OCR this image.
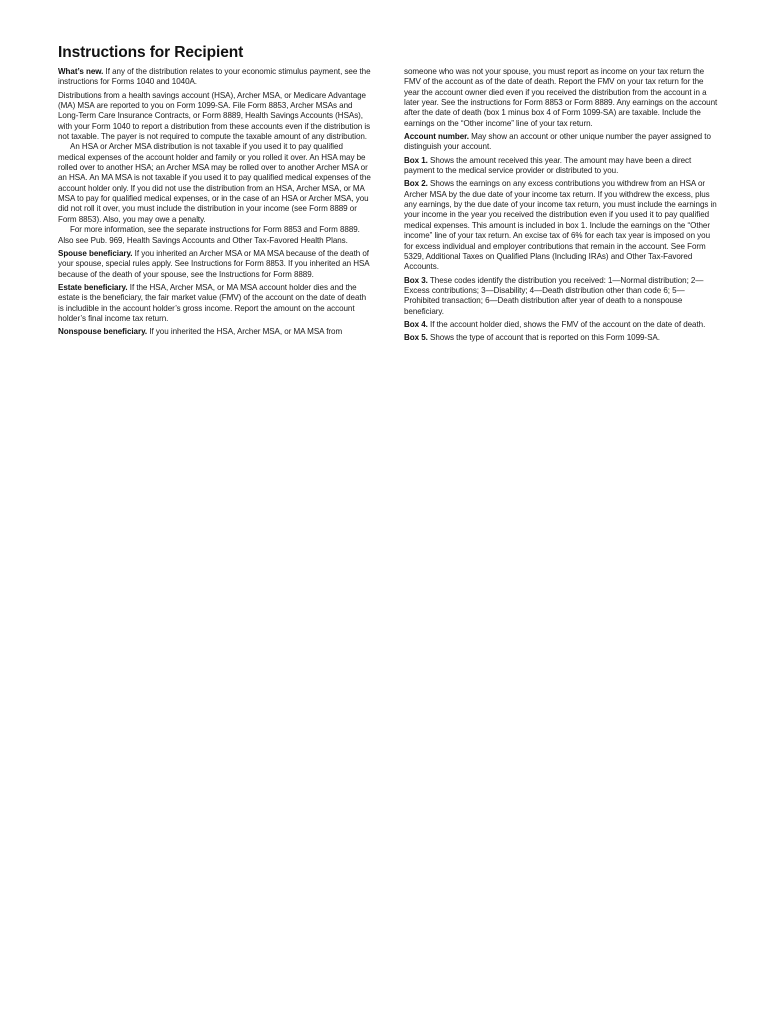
Instructions for Recipient

What’s new. If any of the distribution relates to your economic stimulus payment, see the instructions for Forms 1040 and 1040A.

Distributions from a health savings account (HSA), Archer MSA, or Medicare Advantage (MA) MSA are reported to you on Form 1099-SA. File Form 8853, Archer MSAs and Long-Term Care Insurance Contracts, or Form 8889, Health Savings Accounts (HSAs), with your Form 1040 to report a distribution from these accounts even if the distribution is not taxable. The payer is not required to compute the taxable amount of any distribution.

An HSA or Archer MSA distribution is not taxable if you used it to pay qualified medical expenses of the account holder and family or you rolled it over. An HSA may be rolled over to another HSA; an Archer MSA may be rolled over to another Archer MSA or an HSA. An MA MSA is not taxable if you used it to pay qualified medical expenses of the account holder only. If you did not use the distribution from an HSA, Archer MSA, or MA MSA to pay for qualified medical expenses, or in the case of an HSA or Archer MSA, you did not roll it over, you must include the distribution in your income (see Form 8889 or Form 8853). Also, you may owe a penalty.

For more information, see the separate instructions for Form 8853 and Form 8889. Also see Pub. 969, Health Savings Accounts and Other Tax-Favored Health Plans.

Spouse beneficiary. If you inherited an Archer MSA or MA MSA because of the death of your spouse, special rules apply. See Instructions for Form 8853. If you inherited an HSA because of the death of your spouse, see the Instructions for Form 8889.

Estate beneficiary. If the HSA, Archer MSA, or MA MSA account holder dies and the estate is the beneficiary, the fair market value (FMV) of the account on the date of death is includible in the account holder’s gross income. Report the amount on the account holder’s final income tax return.

Nonspouse beneficiary. If you inherited the HSA, Archer MSA, or MA MSA from

someone who was not your spouse, you must report as income on your tax return the FMV of the account as of the date of death. Report the FMV on your tax return for the year the account owner died even if you received the distribution from the account in a later year. See the instructions for Form 8853 or Form 8889. Any earnings on the account after the date of death (box 1 minus box 4 of Form 1099-SA) are taxable. Include the earnings on the “Other income” line of your tax return.

Account number. May show an account or other unique number the payer assigned to distinguish your account.

Box 1. Shows the amount received this year. The amount may have been a direct payment to the medical service provider or distributed to you.

Box 2. Shows the earnings on any excess contributions you withdrew from an HSA or Archer MSA by the due date of your income tax return. If you withdrew the excess, plus any earnings, by the due date of your income tax return, you must include the earnings in your income in the year you received the distribution even if you used it to pay qualified medical expenses. This amount is included in box 1. Include the earnings on the “Other income” line of your tax return. An excise tax of 6% for each tax year is imposed on you for excess individual and employer contributions that remain in the account. See Form 5329, Additional Taxes on Qualified Plans (Including IRAs) and Other Tax-Favored Accounts.

Box 3. These codes identify the distribution you received: 1—Normal distribution; 2—Excess contributions; 3—Disability; 4—Death distribution other than code 6; 5—Prohibited transaction; 6—Death distribution after year of death to a nonspouse beneficiary.

Box 4. If the account holder died, shows the FMV of the account on the date of death.

Box 5. Shows the type of account that is reported on this Form 1099-SA.
